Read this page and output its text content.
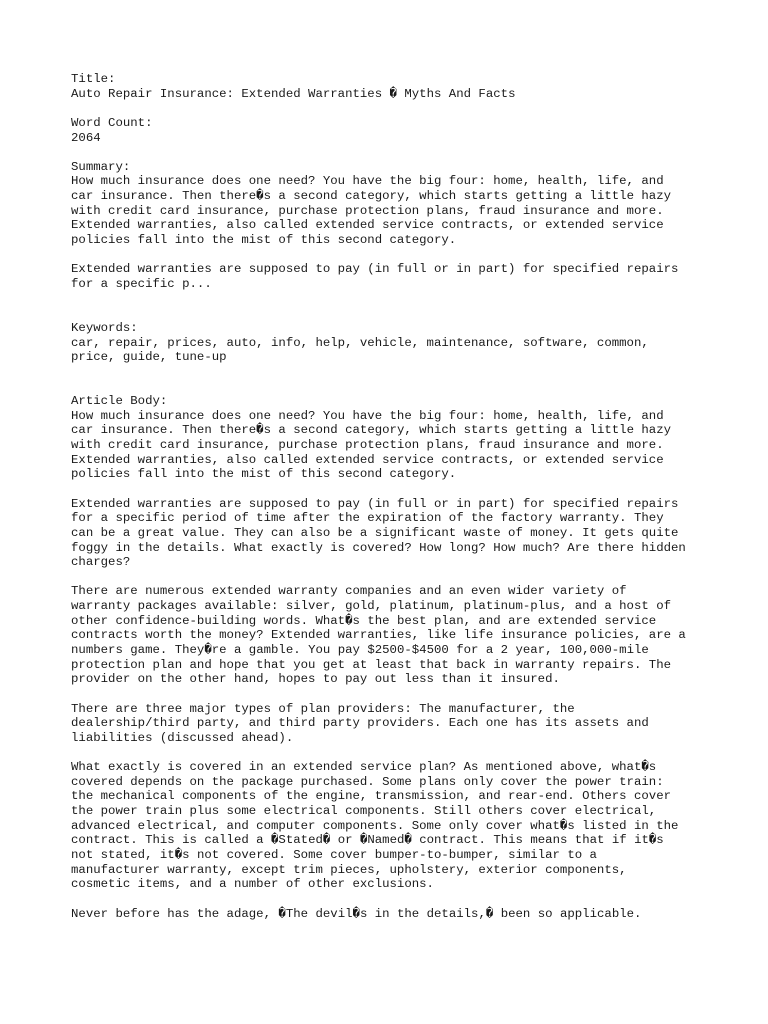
Title:
Auto Repair Insurance: Extended Warranties � Myths And Facts
Word Count:
2064
Summary:
How much insurance does one need? You have the big four: home, health, life, and
car insurance. Then there�s a second category, which starts getting a little hazy
with credit card insurance, purchase protection plans, fraud insurance and more.
Extended warranties, also called extended service contracts, or extended service
policies fall into the mist of this second category.
Extended warranties are supposed to pay (in full or in part) for specified repairs
for a specific p...
Keywords:
car, repair, prices, auto, info, help, vehicle, maintenance, software, common,
price, guide, tune-up
Article Body:
How much insurance does one need? You have the big four: home, health, life, and
car insurance. Then there�s a second category, which starts getting a little hazy
with credit card insurance, purchase protection plans, fraud insurance and more.
Extended warranties, also called extended service contracts, or extended service
policies fall into the mist of this second category.
Extended warranties are supposed to pay (in full or in part) for specified repairs
for a specific period of time after the expiration of the factory warranty. They
can be a great value. They can also be a significant waste of money. It gets quite
foggy in the details. What exactly is covered? How long? How much? Are there hidden
charges?
There are numerous extended warranty companies and an even wider variety of
warranty packages available: silver, gold, platinum, platinum-plus, and a host of
other confidence-building words. What�s the best plan, and are extended service
contracts worth the money? Extended warranties, like life insurance policies, are a
numbers game. They�re a gamble. You pay $2500-$4500 for a 2 year, 100,000-mile
protection plan and hope that you get at least that back in warranty repairs. The
provider on the other hand, hopes to pay out less than it insured.
There are three major types of plan providers: The manufacturer, the
dealership/third party, and third party providers. Each one has its assets and
liabilities (discussed ahead).
What exactly is covered in an extended service plan? As mentioned above, what�s
covered depends on the package purchased. Some plans only cover the power train:
the mechanical components of the engine, transmission, and rear-end. Others cover
the power train plus some electrical components. Still others cover electrical,
advanced electrical, and computer components. Some only cover what�s listed in the
contract. This is called a �Stated� or �Named� contract. This means that if it�s
not stated, it�s not covered. Some cover bumper-to-bumper, similar to a
manufacturer warranty, except trim pieces, upholstery, exterior components,
cosmetic items, and a number of other exclusions.
Never before has the adage, �The devil�s in the details,� been so applicable.
